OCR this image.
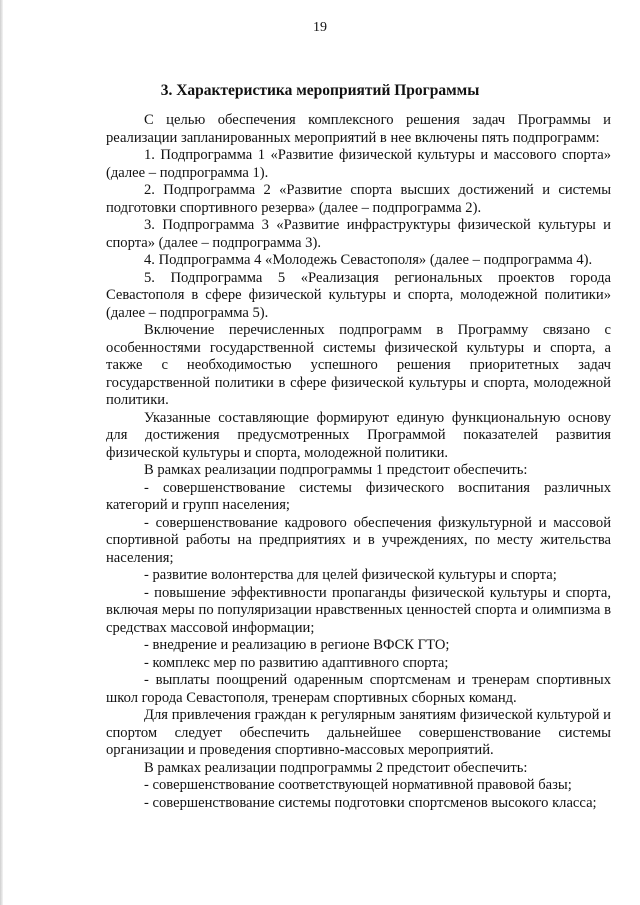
19
3. Характеристика мероприятий Программы

С целью обеспечения комплексного решения задач Программы и реализации запланированных мероприятий в нее включены пять подпрограмм:

1. Подпрограмма 1 «Развитие физической культуры и массового спорта» (далее – подпрограмма 1).

2. Подпрограмма 2 «Развитие спорта высших достижений и системы подготовки спортивного резерва» (далее – подпрограмма 2).

3. Подпрограмма 3 «Развитие инфраструктуры физической культуры и спорта» (далее – подпрограмма 3).

4. Подпрограмма 4 «Молодежь Севастополя» (далее – подпрограмма 4).

5. Подпрограмма 5 «Реализация региональных проектов города Севастополя в сфере физической культуры и спорта, молодежной политики» (далее – подпрограмма 5).

Включение перечисленных подпрограмм в Программу связано с особенностями государственной системы физической культуры и спорта, а также с необходимостью успешного решения приоритетных задач государственной политики в сфере физической культуры и спорта, молодежной политики.

Указанные составляющие формируют единую функциональную основу для достижения предусмотренных Программой показателей развития физической культуры и спорта, молодежной политики.

В рамках реализации подпрограммы 1 предстоит обеспечить:

- совершенствование системы физического воспитания различных категорий и групп населения;

- совершенствование кадрового обеспечения физкультурной и массовой спортивной работы на предприятиях и в учреждениях, по месту жительства населения;

- развитие волонтерства для целей физической культуры и спорта;

- повышение эффективности пропаганды физической культуры и спорта, включая меры по популяризации нравственных ценностей спорта и олимпизма в средствах массовой информации;

- внедрение и реализацию в регионе ВФСК ГТО;

- комплекс мер по развитию адаптивного спорта;

- выплаты поощрений одаренным спортсменам и тренерам спортивных школ города Севастополя, тренерам спортивных сборных команд.

Для привлечения граждан к регулярным занятиям физической культурой и спортом следует обеспечить дальнейшее совершенствование системы организации и проведения спортивно-массовых мероприятий.

В рамках реализации подпрограммы 2 предстоит обеспечить:

- совершенствование соответствующей нормативной правовой базы;

- совершенствование системы подготовки спортсменов высокого класса;
